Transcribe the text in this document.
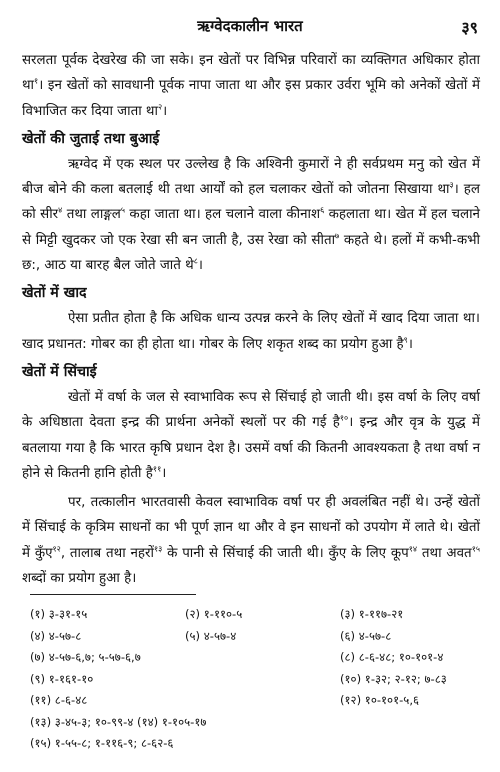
ऋग्वेदकालीन भारत	३९

सरलता पूर्वक देखरेख की जा सके। इन खेतों पर विभिन्न परिवारों का व्यक्तिगत अधिकार होता था$^१$। इन खेतों को सावधानी पूर्वक नापा जाता था और इस प्रकार उर्वरा भूमि को अनेकों खेतों में विभाजित कर दिया जाता था$^२$।

खेतों की जुताई तथा बुआई

ऋग्वेद में एक स्थल पर उल्लेख है कि अश्विनी कुमारों ने ही सर्वप्रथम मनु को खेत में बीज बोने की कला बतलाई थी तथा आर्यों को हल चलाकर खेतों को जोतना सिखाया था$^३$। हल को सीर$^४$ तथा लाङ्गल$^५$ कहा जाता था। हल चलाने वाला कीनाश$^६$ कहलाता था। खेत में हल चलाने से मिट्टी खुदकर जो एक रेखा सी बन जाती है, उस रेखा को सीता$^७$ कहते थे। हलों में कभी-कभी छ:, आठ या बारह बैल जोते जाते थे$^८$।

खेतों में खाद

ऐसा प्रतीत होता है कि अधिक धान्य उत्पन्न करने के लिए खेतों में खाद दिया जाता था। खाद प्रधानत: गोबर का ही होता था। गोबर के लिए शकृत शब्द का प्रयोग हुआ है$^९$।

खेतों में सिंचाई

खेतों में वर्षा के जल से स्वाभाविक रूप से सिंचाई हो जाती थी। इस वर्षा के लिए वर्षा के अधिष्ठाता देवता इन्द्र की प्रार्थना अनेकों स्थलों पर की गई है$^{१०}$। इन्द्र और वृत्र के युद्ध में बतलाया गया है कि भारत कृषि प्रधान देश है। उसमें वर्षा की कितनी आवश्यकता है तथा वर्षा न होने से कितनी हानि होती है$^{११}$।

पर, तत्कालीन भारतवासी केवल स्वाभाविक वर्षा पर ही अवलंबित नहीं थे। उन्हें खेतों में सिंचाई के कृत्रिम साधनों का भी पूर्ण ज्ञान था और वे इन साधनों को उपयोग में लाते थे। खेतों में कुँए$^{१२}$, तालाब तथा नहरों$^{१३}$ के पानी से सिंचाई की जाती थी। कुँए के लिए कूप$^{१४}$ तथा अवत$^{१५}$ शब्दों का प्रयोग हुआ है।

(१) ३-३१-१५	(२) १-११०-५	(३) १-११७-२१
(४) ४-५७-८	(५) ४-५७-४	(६) ४-५७-८
(७) ४-५७-६,७; ५-५७-६,७	(८) ८-६-४८; १०-१०१-४
(९) १-१६१-१०	(१०) १-३२; २-१२; ७-८३
(११) ८-६-४८	(१२) १०-१०१-५,६
(१३) ३-४५-३; १०-९९-४ (१४) १-१०५-१७
(१५) १-५५-८; १-११६-९; ८-६२-६
